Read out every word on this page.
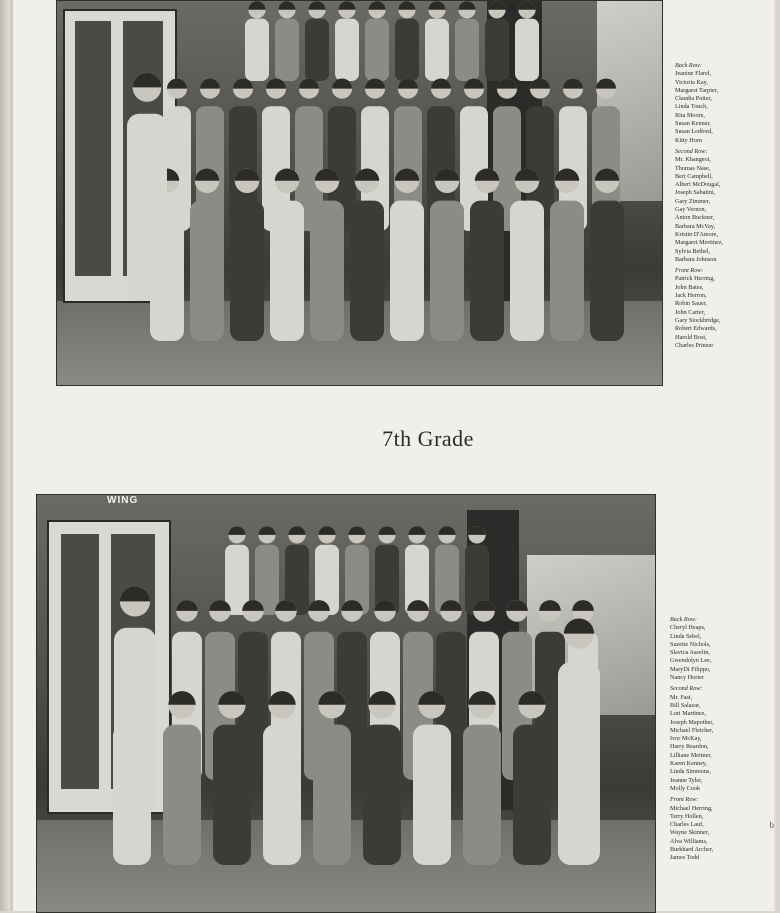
Back Row:
Jeanine Flarel,
Victoria Kay,
Margaret Tarpier,
Claudia Potter,
Linda Touch,
Rita Moore,
Susan Kenner,
Susan Ledford,
Kitty Horn
Second Row:
Mr. Khangeot,
Thomas Nase,
Bert Campbell,
Albert McDougal,
Joseph Sabatini,
Gary Zimmer,
Gay Vernon,
Anton Buckner,
Barbara McVay,
Kristin D'Amore,
Margaret Mertinez,
Sylvia Bethel,
Barbara Johnson
Front Row:
Patrick Herring,
John Bates,
Jack Herron,
Robin Sauer,
John Carter,
Gary Stockbridge,
Robert Edwards,
Harold Bost,
Charles Prinzer
7th Grade
WING
Back Row:
Cheryl Heaps,
Linda Sebel,
Suzette Nichols,
Slavica Aseelin,
Gwendolyn Lee,
MaryDi Filippo,
Nancy Horter
Second Row:
Mr. Fast,
Bill Salazar,
Lori Martinez,
Joseph Mapother,
Michael Fletcher,
Ivor McKay,
Harry Reardon,
Lilliane Meitner,
Karen Kenney,
Linda Simmons,
Jeanne Tyler,
Molly Cook
Front Row:
Michael Herring,
Terry Hollen,
Charles Lauf,
Wayne Skinner,
Alva Williams,
Burkhard Archer,
James Todd
b
